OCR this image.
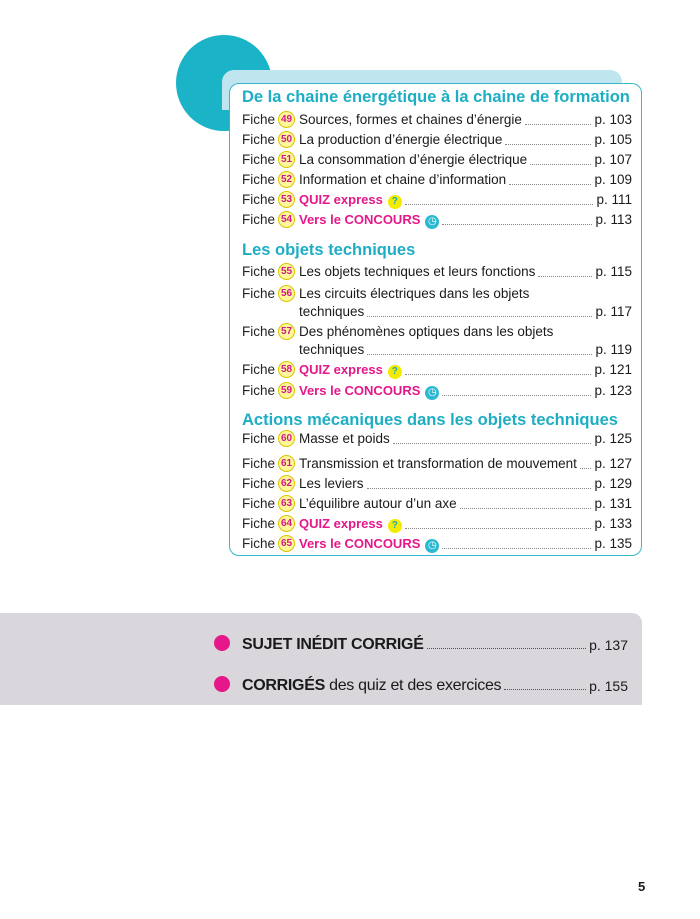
De la chaine énergétique à la chaine de formation
Fiche 49 Sources, formes et chaines d’énergie	p. 103
Fiche 50 La production d’énergie électrique	p. 105
Fiche 51 La consommation d’énergie électrique	p. 107
Fiche 52 Information et chaine d’information	p. 109
Fiche 53 QUIZ express ?	p. 111
Fiche 54 Vers le CONCOURS ◷	p. 113
Les objets techniques
Fiche 55 Les objets techniques et leurs fonctions	p. 115
Fiche 56 Les circuits électriques dans les objets
techniques	p. 117
Fiche 57 Des phénomènes optiques dans les objets
techniques	p. 119
Fiche 58 QUIZ express ?	p. 121
Fiche 59 Vers le CONCOURS ◷	p. 123
Actions mécaniques dans les objets techniques
Fiche 60 Masse et poids	p. 125
Fiche 61 Transmission et transformation de mouvement p. 127
Fiche 62 Les leviers	p. 129
Fiche 63 L’équilibre autour d’un axe	p. 131
Fiche 64 QUIZ express ?	p. 133
Fiche 65 Vers le CONCOURS ◷	p. 135
SUJET INÉDIT CORRIGÉ	p. 137
CORRIGÉS des quiz et des exercices	p. 155
5
